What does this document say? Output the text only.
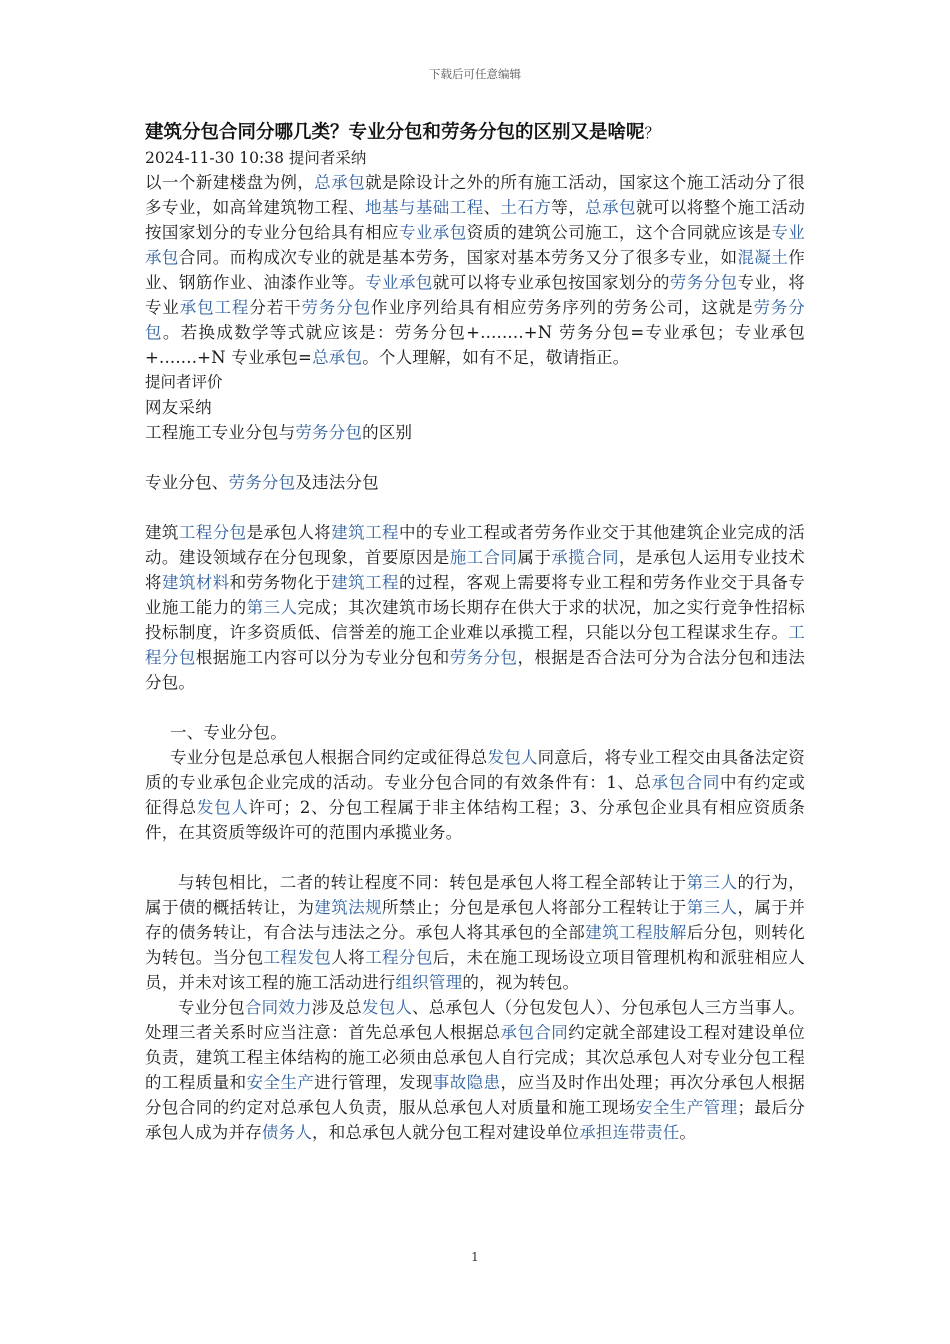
下载后可任意编辑
建筑分包合同分哪几类？专业分包和劳务分包的区别又是啥呢？
2024-11-30 10:38 提问者采纳

以一个新建楼盘为例，总承包就是除设计之外的所有施工活动，国家这个施工活动分了很多专业，如高耸建筑物工程、地基与基础工程、土石方等，总承包就可以将整个施工活动按国家划分的专业分包给具有相应专业承包资质的建筑公司施工，这个合同就应该是专业承包合同。而构成次专业的就是基本劳务，国家对基本劳务又分了很多专业，如混凝土作业、钢筋作业、油漆作业等。专业承包就可以将专业承包按国家划分的劳务分包专业，将专业承包工程分若干劳务分包作业序列给具有相应劳务序列的劳务公司，这就是劳务分包。若换成数学等式就应该是：劳务分包+........+N 劳务分包=专业承包；专业承包+.......+N 专业承包=总承包。个人理解，如有不足，敬请指正。

提问者评价
网友采纳
工程施工专业分包与劳务分包的区别
专业分包、劳务分包及违法分包

建筑工程分包是承包人将建筑工程中的专业工程或者劳务作业交于其他建筑企业完成的活动。建设领域存在分包现象，首要原因是施工合同属于承揽合同，是承包人运用专业技术将建筑材料和劳务物化于建筑工程的过程，客观上需要将专业工程和劳务作业交于具备专业施工能力的第三人完成；其次建筑市场长期存在供大于求的状况，加之实行竞争性招标投标制度，许多资质低、信誉差的施工企业难以承揽工程，只能以分包工程谋求生存。工程分包根据施工内容可以分为专业分包和劳务分包，根据是否合法可分为合法分包和违法分包。

一、专业分包。

专业分包是总承包人根据合同约定或征得总发包人同意后，将专业工程交由具备法定资质的专业承包企业完成的活动。专业分包合同的有效条件有：1、总承包合同中有约定或征得总发包人许可；2、分包工程属于非主体结构工程；3、分承包企业具有相应资质条件，在其资质等级许可的范围内承揽业务。

与转包相比，二者的转让程度不同：转包是承包人将工程全部转让于第三人的行为，属于债的概括转让，为建筑法规所禁止；分包是承包人将部分工程转让于第三人，属于并存的债务转让，有合法与违法之分。承包人将其承包的全部建筑工程肢解后分包，则转化为转包。当分包工程发包人将工程分包后，未在施工现场设立项目管理机构和派驻相应人员，并未对该工程的施工活动进行组织管理的，视为转包。

专业分包合同效力涉及总发包人、总承包人（分包发包人）、分包承包人三方当事人。处理三者关系时应当注意：首先总承包人根据总承包合同约定就全部建设工程对建设单位负责，建筑工程主体结构的施工必须由总承包人自行完成；其次总承包人对专业分包工程的工程质量和安全生产进行管理，发现事故隐患，应当及时作出处理；再次分承包人根据分包合同的约定对总承包人负责，服从总承包人对质量和施工现场安全生产管理；最后分承包人成为并存债务人，和总承包人就分包工程对建设单位承担连带责任。

1
